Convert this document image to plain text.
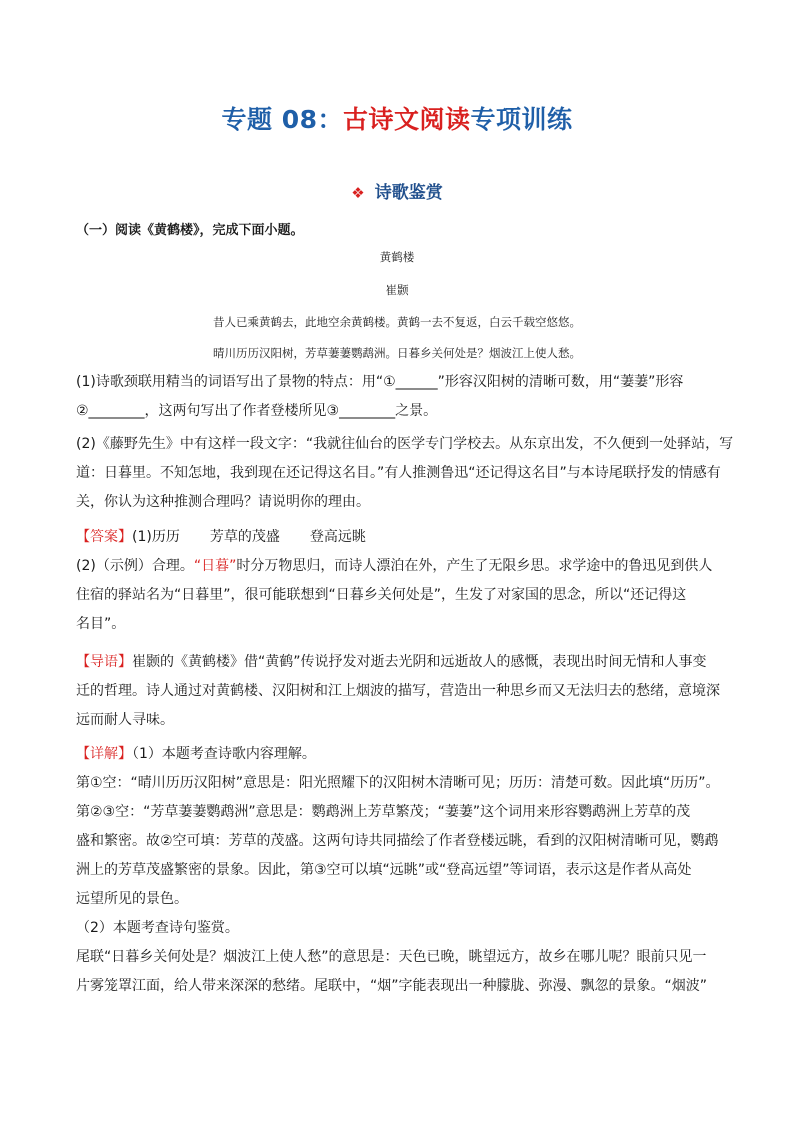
专题 08：古诗文阅读专项训练
❖ 诗歌鉴赏
（一）阅读《黄鹤楼》，完成下面小题。
黄鹤楼
崔颢
昔人已乘黄鹤去，此地空余黄鹤楼。黄鹤一去不复返，白云千载空悠悠。
晴川历历汉阳树，芳草萋萋鹦鹉洲。日暮乡关何处是？烟波江上使人愁。

(1)诗歌颈联用精当的词语写出了景物的特点：用“①______”形容汉阳树的清晰可数，用“萋萋”形容
②________，这两句写出了作者登楼所见③________之景。

(2)《藤野先生》中有这样一段文字：“我就往仙台的医学专门学校去。从东京出发，不久便到一处驿站，写
道：日暮里。不知怎地，我到现在还记得这名目。”有人推测鲁迅“还记得这名目”与本诗尾联抒发的情感有
关，你认为这种推测合理吗？请说明你的理由。

【答案】(1)历历 芳草的茂盛 登高远眺
(2)（示例）合理。“日暮”时分万物思归，而诗人漂泊在外，产生了无限乡思。求学途中的鲁迅见到供人
住宿的驿站名为“日暮里”，很可能联想到“日暮乡关何处是”，生发了对家国的思念，所以“还记得这
名目”。

【导语】崔颢的《黄鹤楼》借“黄鹤”传说抒发对逝去光阴和远逝故人的感慨，表现出时间无情和人事变
迁的哲理。诗人通过对黄鹤楼、汉阳树和江上烟波的描写，营造出一种思乡而又无法归去的愁绪，意境深
远而耐人寻味。

【详解】（1）本题考查诗歌内容理解。
第①空：“晴川历历汉阳树”意思是：阳光照耀下的汉阳树木清晰可见；历历：清楚可数。因此填“历历”。
第②③空：“芳草萋萋鹦鹉洲”意思是：鹦鹉洲上芳草繁茂；“萋萋”这个词用来形容鹦鹉洲上芳草的茂
盛和繁密。故②空可填：芳草的茂盛。这两句诗共同描绘了作者登楼远眺，看到的汉阳树清晰可见，鹦鹉
洲上的芳草茂盛繁密的景象。因此，第③空可以填“远眺”或“登高远望”等词语，表示这是作者从高处
远望所见的景色。
（2）本题考查诗句鉴赏。
尾联“日暮乡关何处是？烟波江上使人愁”的意思是：天色已晚，眺望远方，故乡在哪儿呢？眼前只见一
片雾笼罩江面，给人带来深深的愁绪。尾联中，“烟”字能表现出一种朦胧、弥漫、飘忽的景象。“烟波”
